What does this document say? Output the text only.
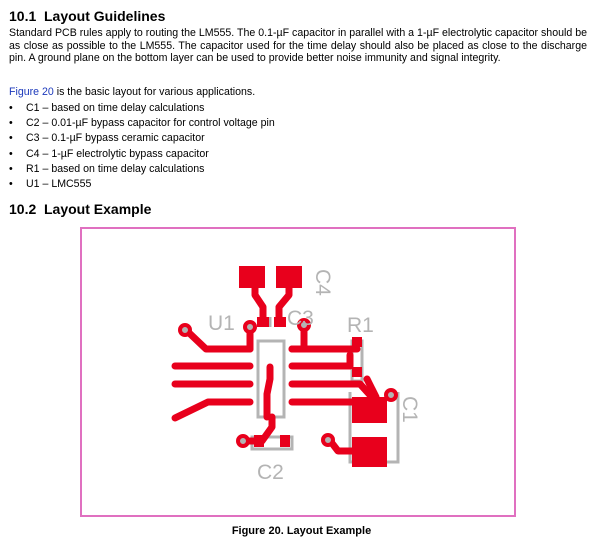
10.1 Layout Guidelines

Standard PCB rules apply to routing the LM555. The 0.1-µF capacitor in parallel with a 1-µF electrolytic capacitor should be as close as possible to the LM555. The capacitor used for the time delay should also be placed as close to the discharge pin. A ground plane on the bottom layer can be used to provide better noise immunity and signal integrity.

Figure 20 is the basic layout for various applications.

• C1 – based on time delay calculations
• C2 – 0.01-µF bypass capacitor for control voltage pin
• C3 – 0.1-µF bypass ceramic capacitor
• C4 – 1-µF electrolytic bypass capacitor
• R1 – based on time delay calculations
• U1 – LMC555
10.2 Layout Example
C4
U1 C3 R1
C1
C2

Figure 20. Layout Example
